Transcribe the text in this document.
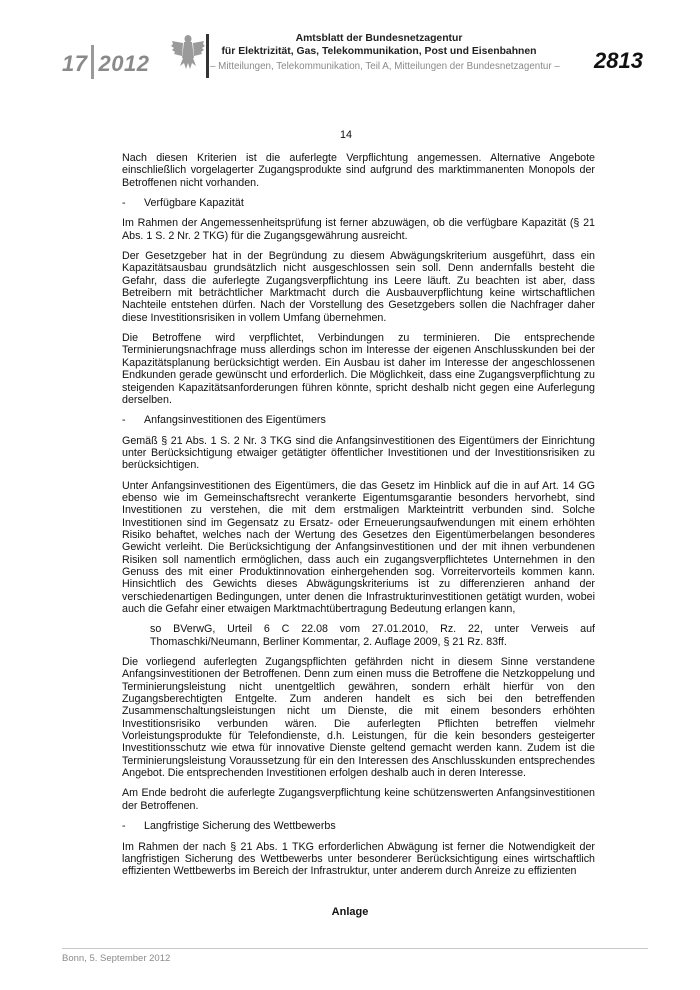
17 2012
Amtsblatt der Bundesnetzagentur
für Elektrizität, Gas, Telekommunikation, Post und Eisenbahnen
– Mitteilungen, Telekommunikation, Teil A, Mitteilungen der Bundesnetzagentur – 2813
14

Nach diesen Kriterien ist die auferlegte Verpflichtung angemessen. Alternative Angebote einschließlich vorgelagerter Zugangsprodukte sind aufgrund des marktimmanenten Monopols der Betroffenen nicht vorhanden.

- Verfügbare Kapazität

Im Rahmen der Angemessenheitsprüfung ist ferner abzuwägen, ob die verfügbare Kapazität (§ 21 Abs. 1 S. 2 Nr. 2 TKG) für die Zugangsgewährung ausreicht.

Der Gesetzgeber hat in der Begründung zu diesem Abwägungskriterium ausgeführt, dass ein Kapazitätsausbau grundsätzlich nicht ausgeschlossen sein soll. Denn andernfalls besteht die Gefahr, dass die auferlegte Zugangsverpflichtung ins Leere läuft. Zu beachten ist aber, dass Betreibern mit beträchtlicher Marktmacht durch die Ausbauverpflichtung keine wirtschaftlichen Nachteile entstehen dürfen. Nach der Vorstellung des Gesetzgebers sollen die Nachfrager daher diese Investitionsrisiken in vollem Umfang übernehmen.

Die Betroffene wird verpflichtet, Verbindungen zu terminieren. Die entsprechende Terminierungsnachfrage muss allerdings schon im Interesse der eigenen Anschlusskunden bei der Kapazitätsplanung berücksichtigt werden. Ein Ausbau ist daher im Interesse der angeschlossenen Endkunden gerade gewünscht und erforderlich. Die Möglichkeit, dass eine Zugangsverpflichtung zu steigenden Kapazitätsanforderungen führen könnte, spricht deshalb nicht gegen eine Auferlegung derselben.

- Anfangsinvestitionen des Eigentümers

Gemäß § 21 Abs. 1 S. 2 Nr. 3 TKG sind die Anfangsinvestitionen des Eigentümers der Einrichtung unter Berücksichtigung etwaiger getätigter öffentlicher Investitionen und der Investitionsrisiken zu berücksichtigen.

Unter Anfangsinvestitionen des Eigentümers, die das Gesetz im Hinblick auf die in auf Art. 14 GG ebenso wie im Gemeinschaftsrecht verankerte Eigentumsgarantie besonders hervorhebt, sind Investitionen zu verstehen, die mit dem erstmaligen Markteintritt verbunden sind. Solche Investitionen sind im Gegensatz zu Ersatz- oder Erneuerungsaufwendungen mit einem erhöhten Risiko behaftet, welches nach der Wertung des Gesetzes den Eigentümerbelangen besonderes Gewicht verleiht. Die Berücksichtigung der Anfangsinvestitionen und der mit ihnen verbundenen Risiken soll namentlich ermöglichen, dass auch ein zugangsverpflichtetes Unternehmen in den Genuss des mit einer Produktinnovation einhergehenden sog. Vorreitervorteils kommen kann. Hinsichtlich des Gewichts dieses Abwägungskriteriums ist zu differenzieren anhand der verschiedenartigen Bedingungen, unter denen die Infrastrukturinvestitionen getätigt wurden, wobei auch die Gefahr einer etwaigen Marktmachtübertragung Bedeutung erlangen kann,

so BVerwG, Urteil 6 C 22.08 vom 27.01.2010, Rz. 22, unter Verweis auf Thomaschki/Neumann, Berliner Kommentar, 2. Auflage 2009, § 21 Rz. 83ff.

Die vorliegend auferlegten Zugangspflichten gefährden nicht in diesem Sinne verstandene Anfangsinvestitionen der Betroffenen. Denn zum einen muss die Betroffene die Netzkoppelung und Terminierungsleistung nicht unentgeltlich gewähren, sondern erhält hierfür von den Zugangsberechtigten Entgelte. Zum anderen handelt es sich bei den betreffenden Zusammenschaltungsleistungen nicht um Dienste, die mit einem besonders erhöhten Investitionsrisiko verbunden wären. Die auferlegten Pflichten betreffen vielmehr Vorleistungsprodukte für Telefondienste, d.h. Leistungen, für die kein besonders gesteigerter Investitionsschutz wie etwa für innovative Dienste geltend gemacht werden kann. Zudem ist die Terminierungsleistung Voraussetzung für ein den Interessen des Anschlusskunden entsprechendes Angebot. Die entsprechenden Investitionen erfolgen deshalb auch in deren Interesse.

Am Ende bedroht die auferlegte Zugangsverpflichtung keine schützenswerten Anfangsinvestitionen der Betroffenen.

- Langfristige Sicherung des Wettbewerbs

Im Rahmen der nach § 21 Abs. 1 TKG erforderlichen Abwägung ist ferner die Notwendigkeit der langfristigen Sicherung des Wettbewerbs unter besonderer Berücksichtigung eines wirtschaftlich effizienten Wettbewerbs im Bereich der Infrastruktur, unter anderem durch Anreize zu effizienten

Anlage
Bonn, 5. September 2012
